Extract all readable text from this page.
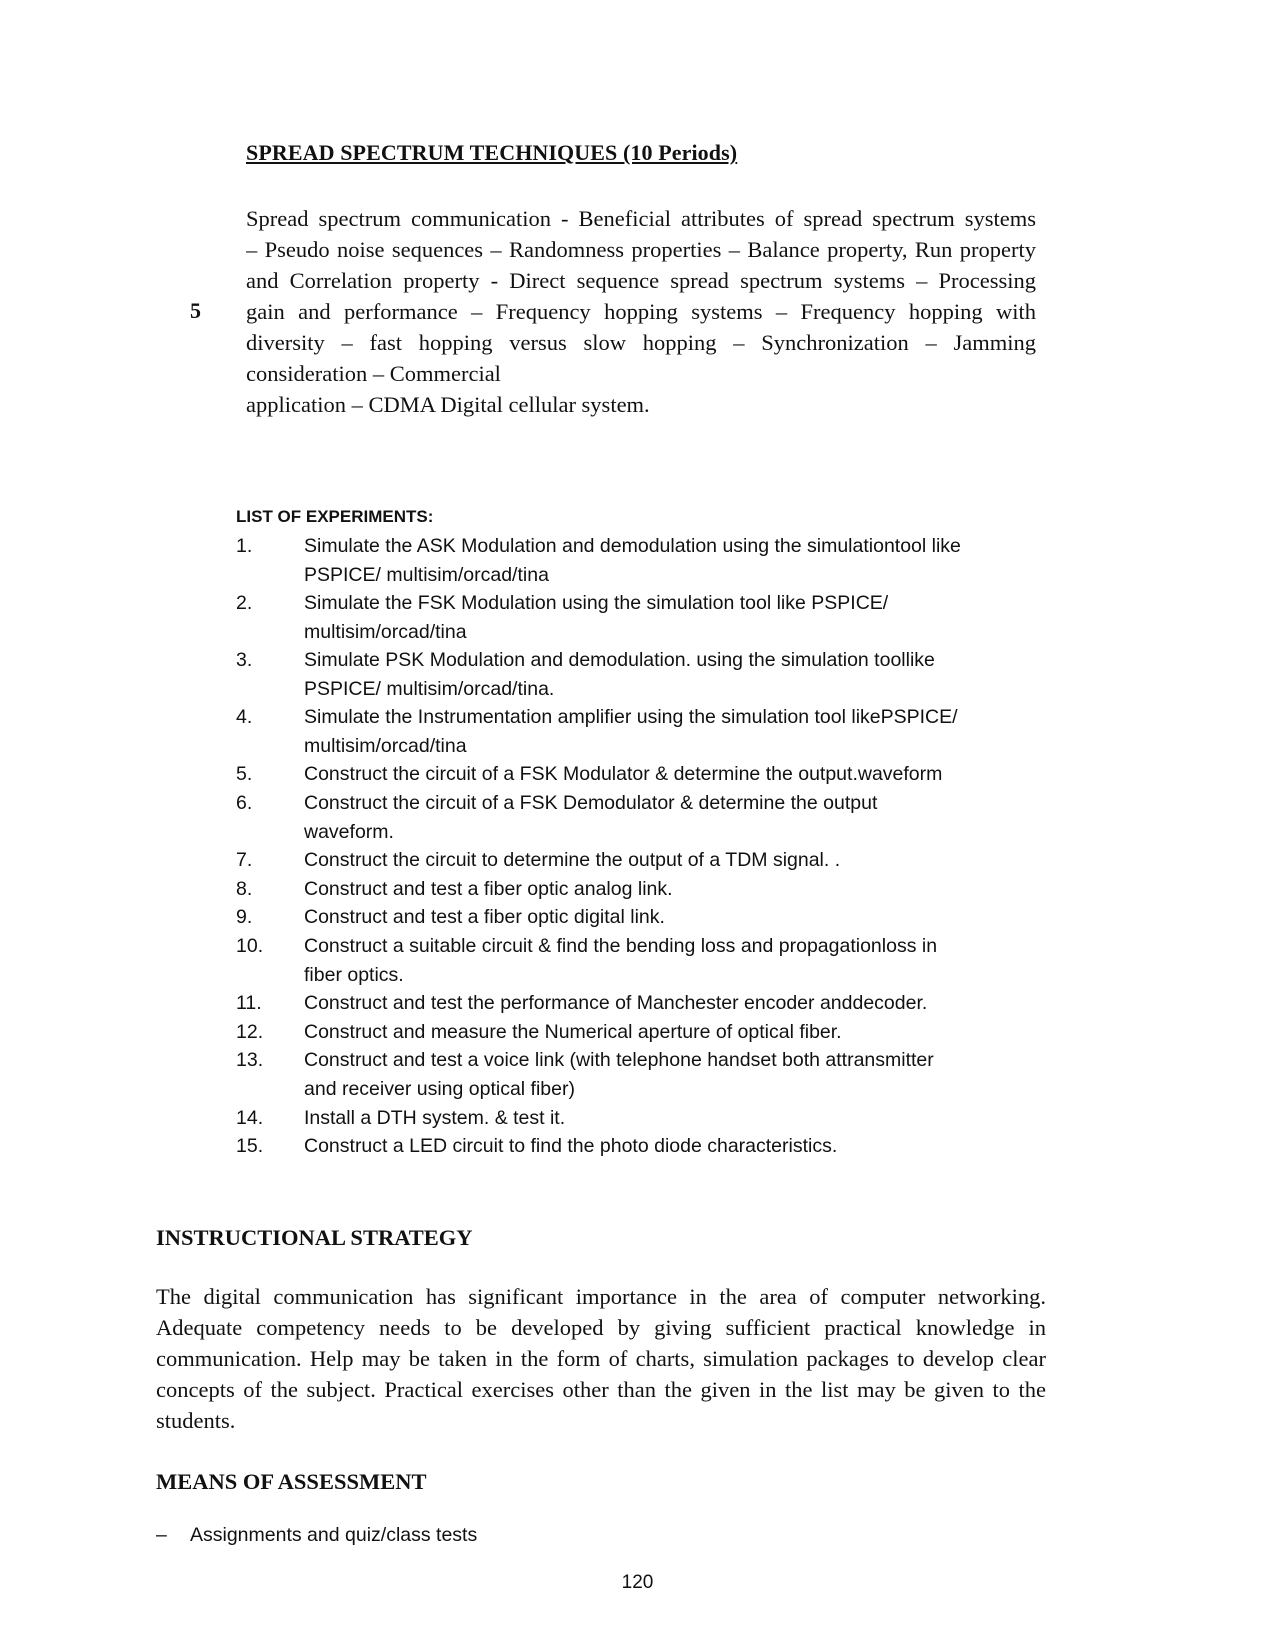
SPREAD SPECTRUM TECHNIQUES (10 Periods)
5
Spread spectrum communication - Beneficial attributes of spread spectrum systems
– Pseudo noise sequences – Randomness properties – Balance property, Run property
and Correlation property - Direct sequence spread spectrum systems – Processing
gain and performance – Frequency hopping systems – Frequency hopping with
diversity – fast hopping versus slow hopping – Synchronization – Jamming
consideration – Commercial
application – CDMA Digital cellular system.
LIST OF EXPERIMENTS:
1.	Simulate the ASK Modulation and demodulation using the simulationtool like
PSPICE/ multisim/orcad/tina
2.	Simulate the FSK Modulation using the simulation tool like PSPICE/
multisim/orcad/tina
3.	Simulate PSK Modulation and demodulation. using the simulation toollike
PSPICE/ multisim/orcad/tina.
4.	Simulate the Instrumentation amplifier using the simulation tool likePSPICE/
multisim/orcad/tina
5.	Construct the circuit of a FSK Modulator & determine the output.waveform
6.	Construct the circuit of a FSK Demodulator & determine the output
waveform.
7.	Construct the circuit to determine the output of a TDM signal. .
8.	Construct and test a fiber optic analog link.
9.	Construct and test a fiber optic digital link.
10. Construct a suitable circuit & find the bending loss and propagationloss in
fiber optics.
11. Construct and test the performance of Manchester encoder anddecoder.
12. Construct and measure the Numerical aperture of optical fiber.
13. Construct and test a voice link (with telephone handset both attransmitter
and receiver using optical fiber)
14. Install a DTH system. & test it.
15. Construct a LED circuit to find the photo diode characteristics.
INSTRUCTIONAL STRATEGY
The digital communication has significant importance in the area of computer networking.
Adequate competency needs to be developed by giving sufficient practical knowledge in
communication. Help may be taken in the form of charts, simulation packages to develop clear
concepts of the subject. Practical exercises other than the given in the list may be given to the
students.
MEANS OF ASSESSMENT
– Assignments and quiz/class tests
120
